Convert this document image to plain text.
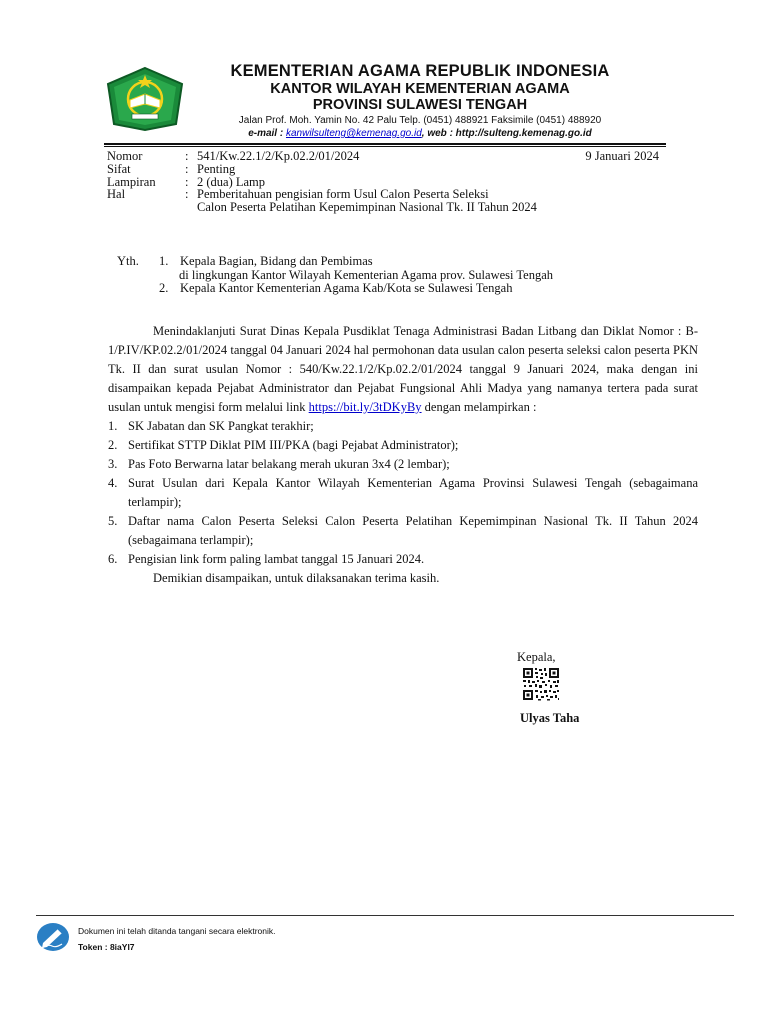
KEMENTERIAN AGAMA REPUBLIK INDONESIA
KANTOR WILAYAH KEMENTERIAN AGAMA
PROVINSI SULAWESI TENGAH
Jalan Prof. Moh. Yamin No. 42 Palu Telp. (0451) 488921 Faksimile (0451) 488920
e-mail : kanwilsulteng@kemenag.go.id, web : http://sulteng.kemenag.go.id
Nomor	: 541/Kw.22.1/2/Kp.02.2/01/2024	9 Januari 2024
Sifat	: Penting
Lampiran	: 2 (dua) Lamp
Hal	: Pemberitahuan pengisian form Usul Calon Peserta Seleksi
Calon Peserta Pelatihan Kepemimpinan Nasional Tk. II Tahun 2024
Yth.	1. Kepala Bagian, Bidang dan Pembimas
di lingkungan Kantor Wilayah Kementerian Agama prov. Sulawesi Tengah
2. Kepala Kantor Kementerian Agama Kab/Kota se Sulawesi Tengah

Menindaklanjuti Surat Dinas Kepala Pusdiklat Tenaga Administrasi Badan Litbang dan Diklat Nomor : B-1/P.IV/KP.02.2/01/2024 tanggal 04 Januari 2024 hal permohonan data usulan calon peserta seleksi calon peserta PKN Tk. II dan surat usulan Nomor : 540/Kw.22.1/2/Kp.02.2/01/2024 tanggal 9 Januari 2024, maka dengan ini disampaikan kepada Pejabat Administrator dan Pejabat Fungsional Ahli Madya yang namanya tertera pada surat usulan untuk mengisi form melalui link https://bit.ly/3tDKyBy dengan melampirkan :

1. SK Jabatan dan SK Pangkat terakhir;
2. Sertifikat STTP Diklat PIM III/PKA (bagi Pejabat Administrator);
3. Pas Foto Berwarna latar belakang merah ukuran 3x4 (2 lembar);
4. Surat Usulan dari Kepala Kantor Wilayah Kementerian Agama Provinsi Sulawesi Tengah (sebagaimana terlampir);
5. Daftar nama Calon Peserta Seleksi Calon Peserta Pelatihan Kepemimpinan Nasional Tk. II Tahun 2024 (sebagaimana terlampir);
6. Pengisian link form paling lambat tanggal 15 Januari 2024.

Demikian disampaikan, untuk dilaksanakan terima kasih.

Kepala,
Ulyas Taha
Dokumen ini telah ditanda tangani secara elektronik.
Token : 8iaYI7
